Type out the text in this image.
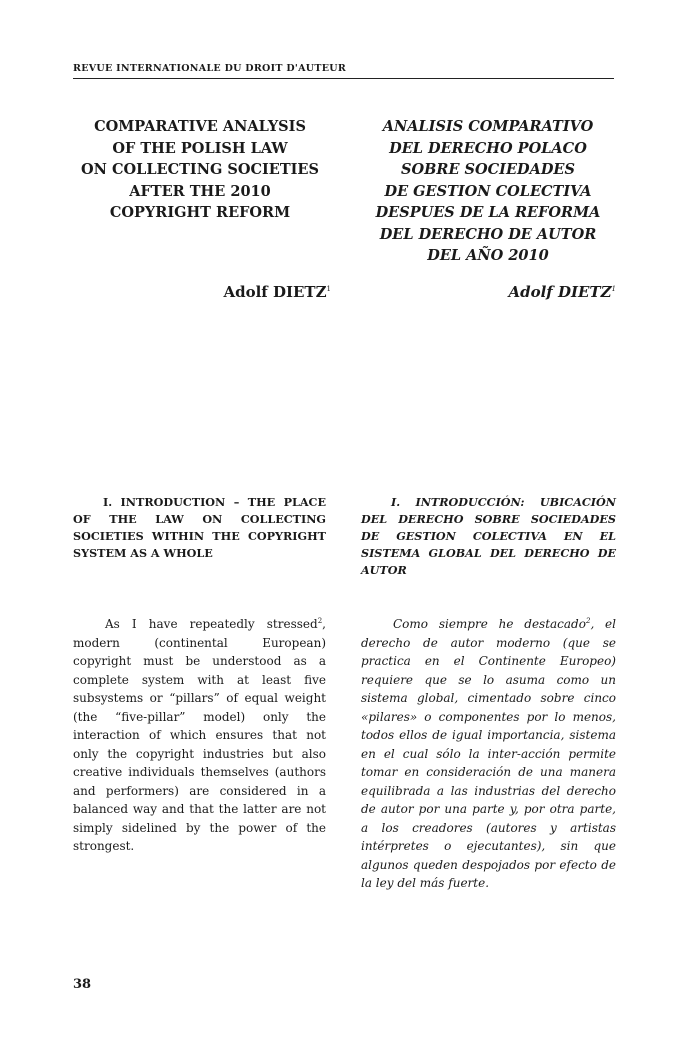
REVUE INTERNATIONALE DU DROIT D'AUTEUR
COMPARATIVE ANALYSIS
OF THE POLISH LAW
ON COLLECTING SOCIETIES
AFTER THE 2010
COPYRIGHT REFORM
ANALISIS COMPARATIVO
DEL DERECHO POLACO
SOBRE SOCIEDADES
DE GESTION COLECTIVA
DESPUES DE LA REFORMA
DEL DERECHO DE AUTOR
DEL AÑO 2010
Adolf DIETZ$^1$	Adolf DIETZ$^1$
I. INTRODUCTION – THE PLACE
OF THE LAW ON COLLECTING
SOCIETIES WITHIN THE COPYRIGHT
SYSTEM AS A WHOLE
I. INTRODUCCIÓN: UBICACIÓN
DEL DERECHO SOBRE SOCIEDADES
DE GESTION COLECTIVA EN EL
SISTEMA GLOBAL DEL DERECHO DE
AUTOR
As I have repeatedly stressed$^2$,
modern (continental European)
copyright must be understood as a
complete system with at least five
subsystems or “pillars” of equal weight
(the “five-pillar” model) only the
interaction of which ensures that not
only the copyright industries but also
creative individuals themselves (authors
and performers) are considered in a
balanced way and that the latter are not
simply sidelined by the power of the
strongest.
Como siempre he destacado$^2$, el
derecho de autor moderno (que se
practica en el Continente Europeo)
requiere que se lo asuma como un
sistema global, cimentado sobre cinco
«pilares» o componentes por lo menos,
todos ellos de igual importancia, sistema
en el cual sólo la inter-acción permite
tomar en consideración de una manera
equilibrada a las industrias del derecho
de autor por una parte y, por otra parte,
a los creadores (autores y artistas
intérpretes o ejecutantes), sin que
algunos queden despojados por efecto de
la ley del más fuerte.
38
